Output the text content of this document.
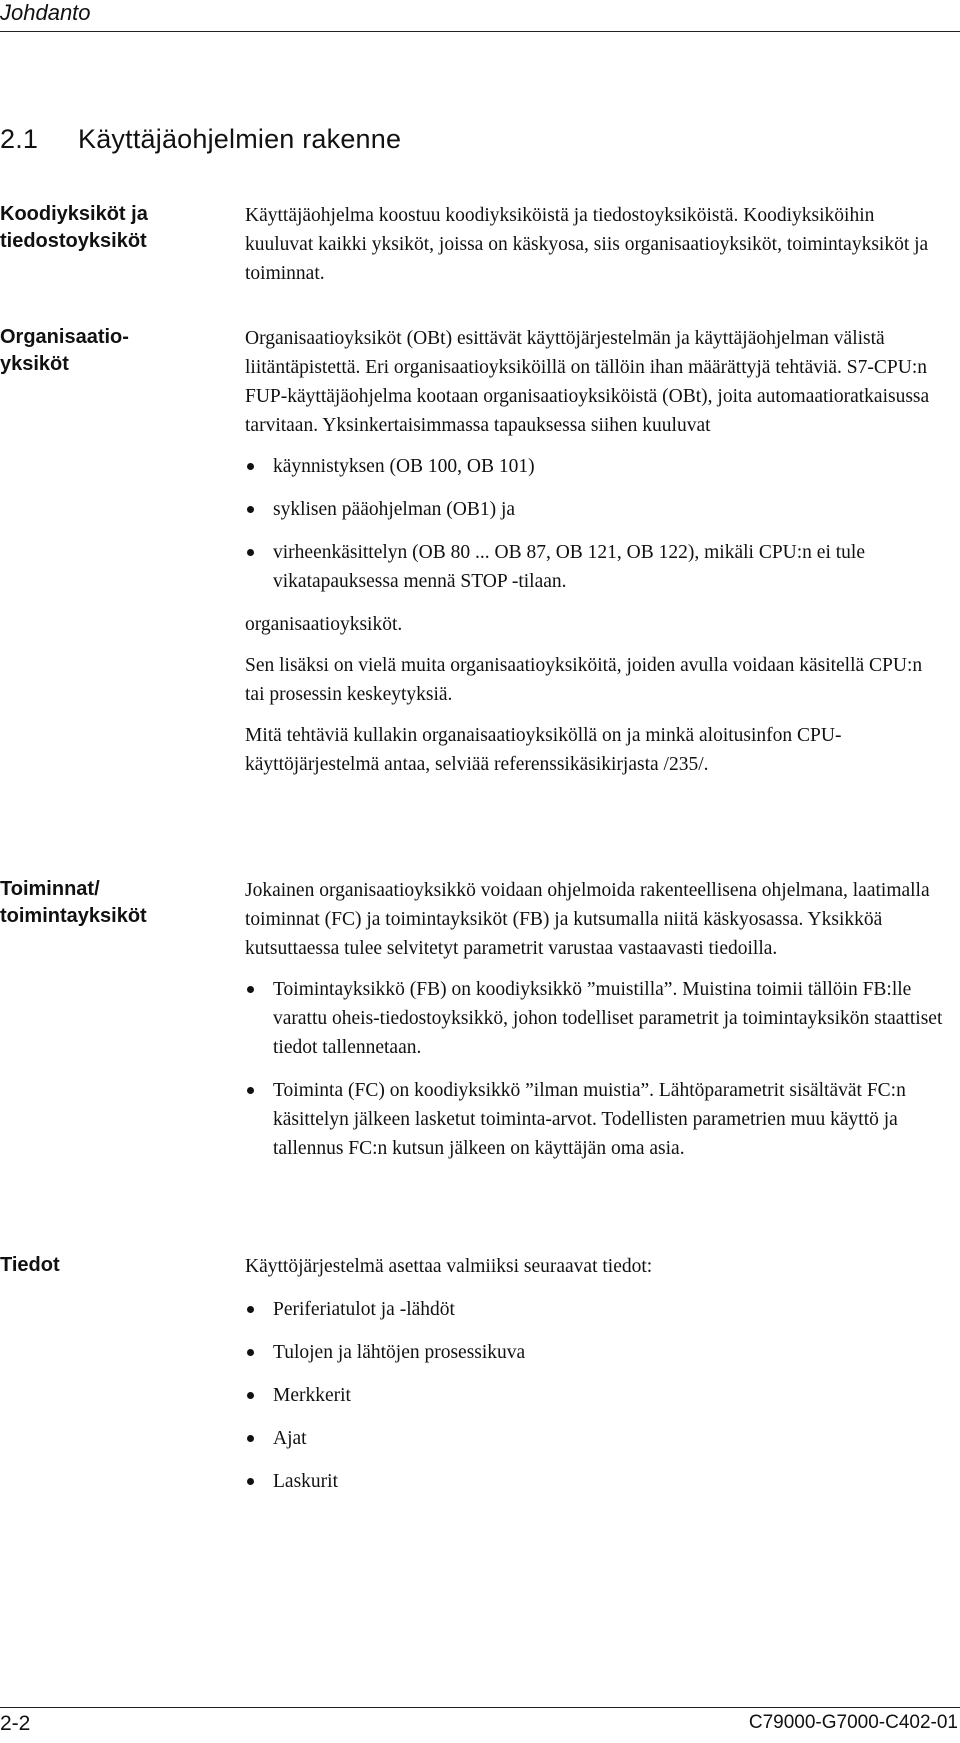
Johdanto
2.1 Käyttäjäohjelmien rakenne
Koodiyksiköt ja
tiedostoyksiköt

Käyttäjäohjelma koostuu koodiyksiköistä ja tiedostoyksiköistä. Koodiyksiköihin kuuluvat kaikki yksiköt, joissa on käskyosa, siis organisaatioyksiköt, toimintayksiköt ja toiminnat.

Organisaatio-
yksiköt

Organisaatioyksiköt (OBt) esittävät käyttöjärjestelmän ja käyttäjäohjelman välistä liitäntäpistettä. Eri organisaatioyksiköillä on tällöin ihan määrättyjä tehtäviä. S7-CPU:n FUP-käyttäjäohjelma kootaan organisaatioyksiköistä (OBt), joita automaatioratkaisussa tarvitaan. Yksinkertaisimmassa tapauksessa siihen kuuluvat

käynnistyksen (OB 100, OB 101)
syklisen pääohjelman (OB1) ja
virheenkäsittelyn (OB 80 ... OB 87, OB 121, OB 122), mikäli CPU:n ei tule vikatapauksessa mennä STOP -tilaan.

organisaatioyksiköt.

Sen lisäksi on vielä muita organisaatioyksiköitä, joiden avulla voidaan käsitellä CPU:n tai prosessin keskeytyksiä.

Mitä tehtäviä kullakin organaisaatioyksiköllä on ja minkä aloitusinfon CPU-käyttöjärjestelmä antaa, selviää referenssikäsikirjasta /235/.

Toiminnat/
toimintayksiköt

Jokainen organisaatioyksikkö voidaan ohjelmoida rakenteellisena ohjelmana, laatimalla toiminnat (FC) ja toimintayksiköt (FB) ja kutsumalla niitä käskyosassa. Yksikköä kutsuttaessa tulee selvitetyt parametrit varustaa vastaavasti tiedoilla.

Toimintayksikkö (FB) on koodiyksikkö ”muistilla”. Muistina toimii tällöin FB:lle varattu oheis-tiedostoyksikkö, johon todelliset parametrit ja toimintayksikön staattiset tiedot tallennetaan.
Toiminta (FC) on koodiyksikkö ”ilman muistia”. Lähtöparametrit sisältävät FC:n käsittelyn jälkeen lasketut toiminta-arvot. Todellisten parametrien muu käyttö ja tallennus FC:n kutsun jälkeen on käyttäjän oma asia.
Tiedot	Käyttöjärjestelmä asettaa valmiiksi seuraavat tiedot:

Periferiatulot ja -lähdöt
Tulojen ja lähtöjen prosessikuva
Merkkerit
Ajat
Laskurit
2-2	C79000-G7000-C402-01
